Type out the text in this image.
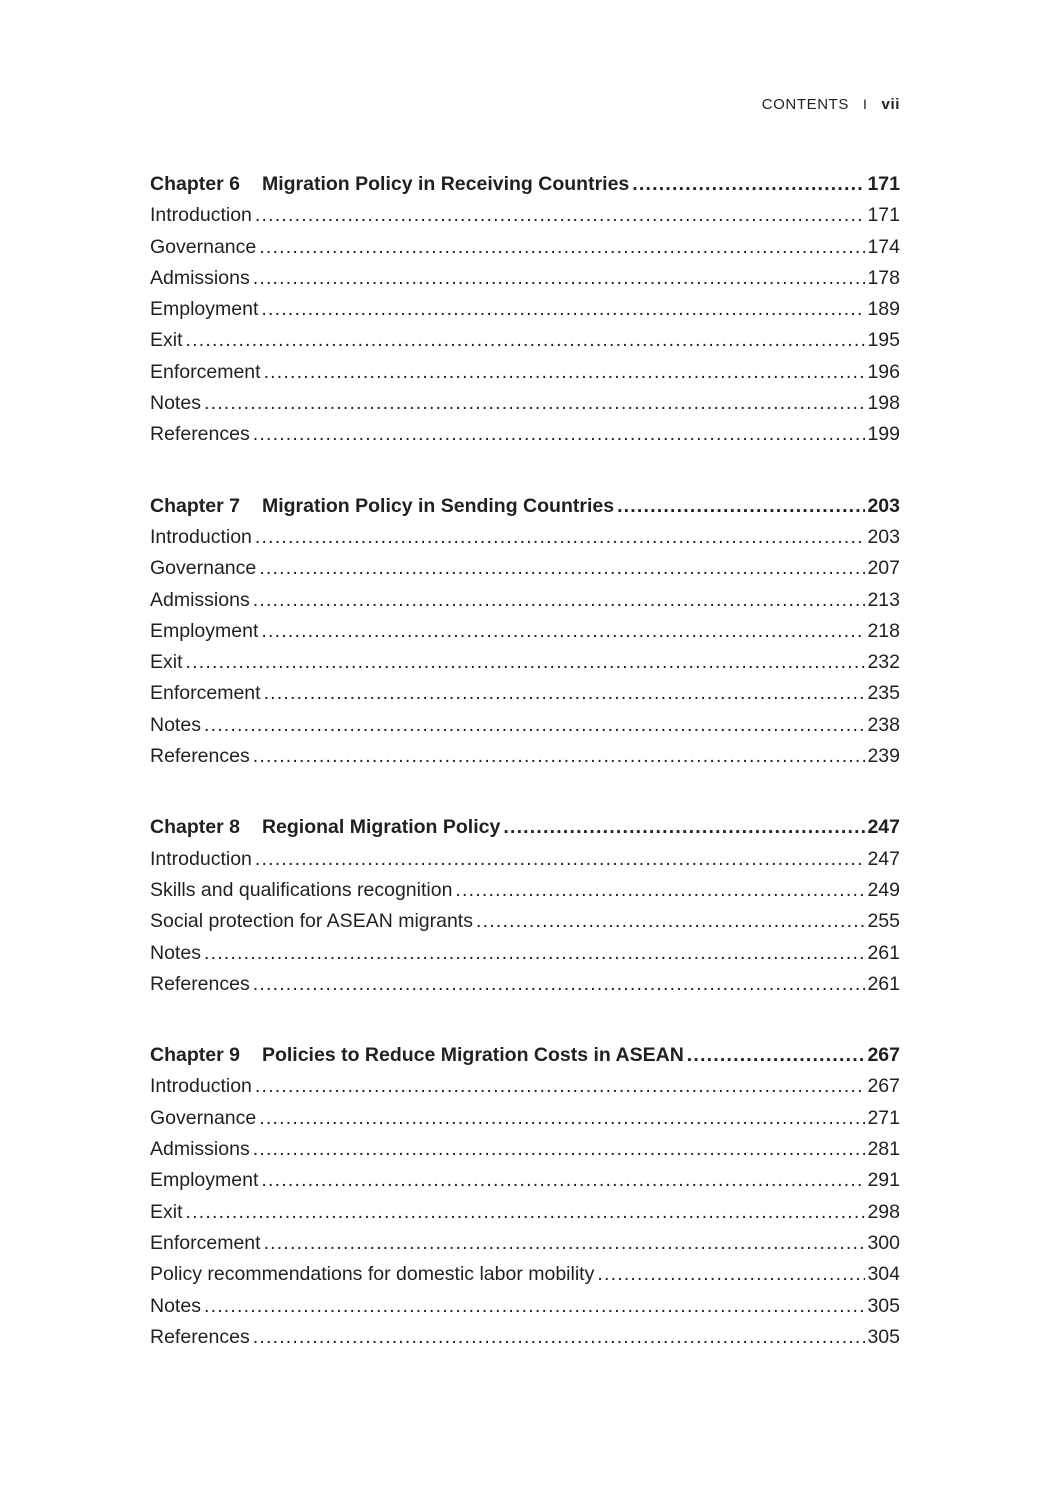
CONTENTS I vii
Chapter 6 Migration Policy in Receiving Countries .....	171
Introduction .....	171
Governance .....	174
Admissions .....	178
Employment .....	189
Exit .....	195
Enforcement .....	196
Notes .....	198
References .....	199
Chapter 7 Migration Policy in Sending Countries .....	203
Introduction .....	203
Governance .....	207
Admissions .....	213
Employment .....	218
Exit .....	232
Enforcement .....	235
Notes .....	238
References .....	239
Chapter 8 Regional Migration Policy .....	247
Introduction .....	247
Skills and qualifications recognition .....	249
Social protection for ASEAN migrants .....	255
Notes .....	261
References .....	261
Chapter 9 Policies to Reduce Migration Costs in ASEAN .....	267
Introduction .....	267
Governance .....	271
Admissions .....	281
Employment .....	291
Exit .....	298
Enforcement .....	300
Policy recommendations for domestic labor mobility .....	304
Notes .....	305
References .....	305
